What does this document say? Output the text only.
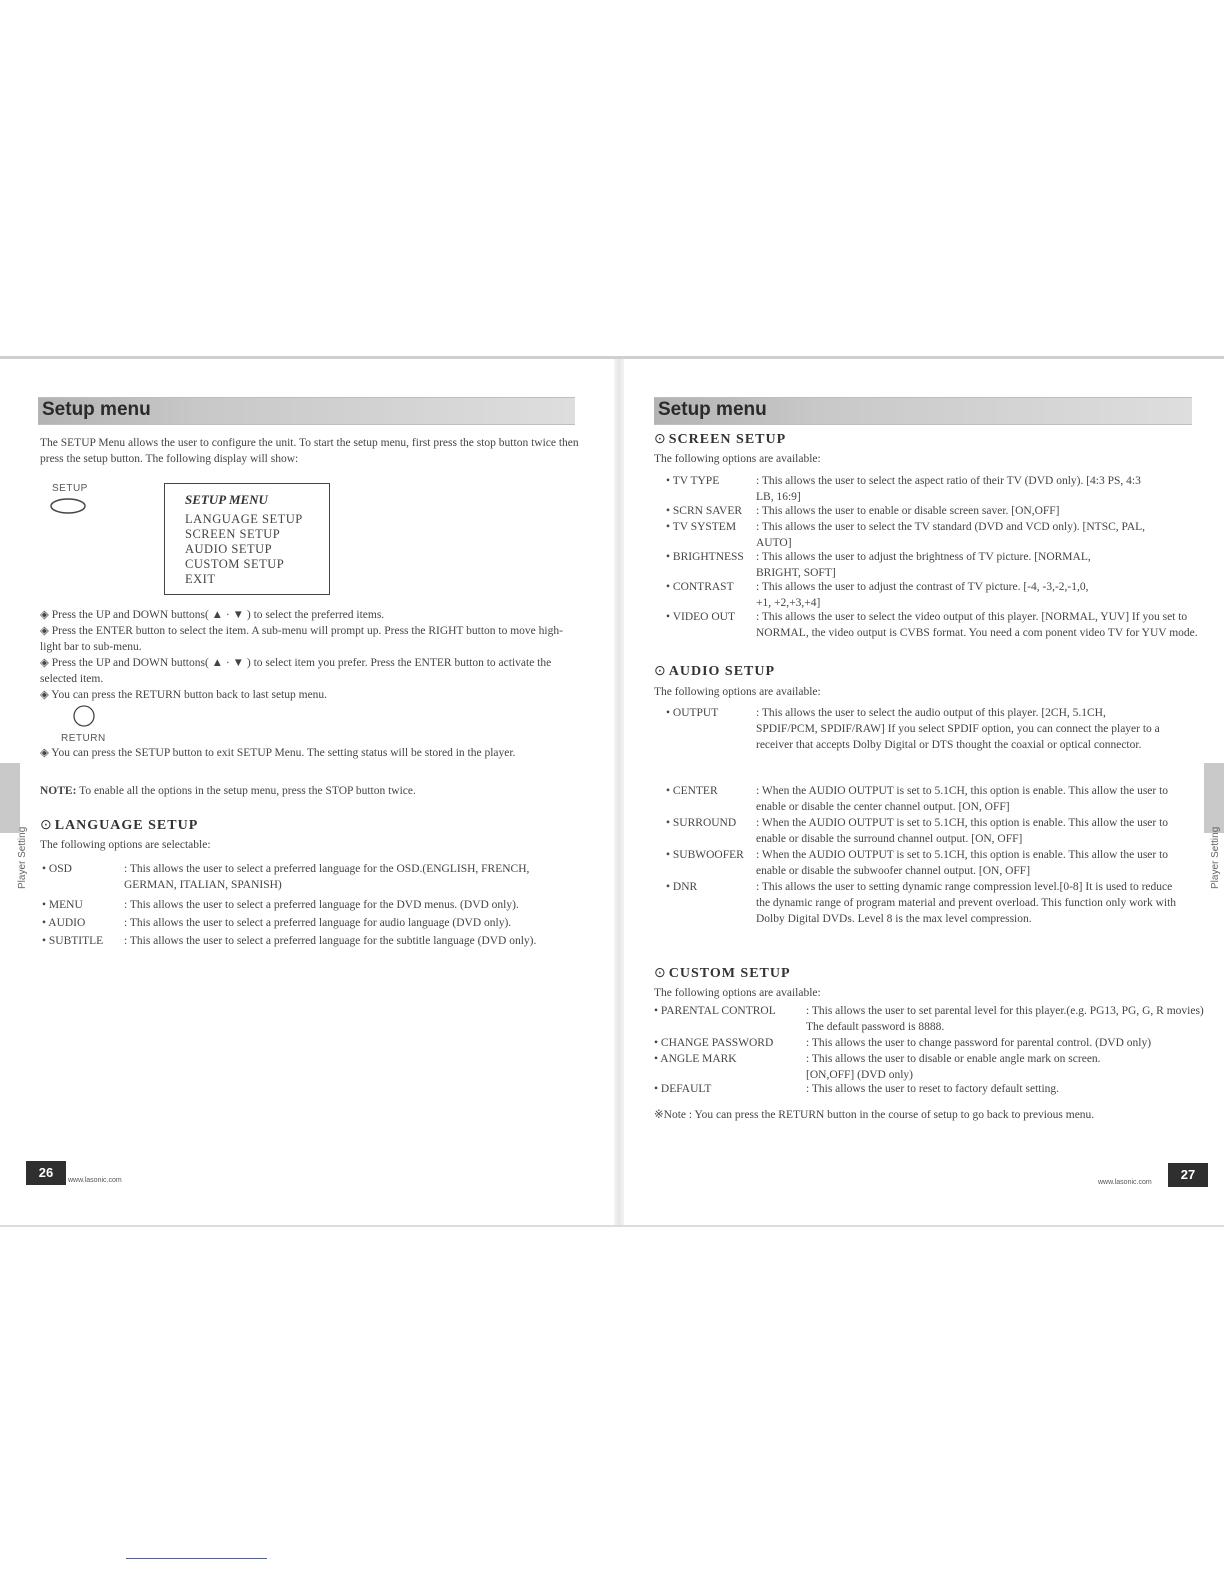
Setup menu
The SETUP Menu allows the user to configure the unit. To start the setup menu, first press the stop button twice then press the setup button. The following display will show:
SETUP
SETUP MENU
LANGUAGE SETUP
SCREEN SETUP
AUDIO SETUP
CUSTOM SETUP
EXIT
◈ Press the UP and DOWN buttons( ▲ · ▼ ) to select the preferred items.
◈ Press the ENTER button to select the item. A sub-menu will prompt up. Press the RIGHT button to move high-light bar to sub-menu.
◈ Press the UP and DOWN buttons( ▲ · ▼ ) to select item you prefer. Press the ENTER button to activate the selected item.
◈ You can press the RETURN button back to last setup menu.
RETURN
◈ You can press the SETUP button to exit SETUP Menu. The setting status will be stored in the player.
NOTE: To enable all the options in the setup menu, press the STOP button twice.
Player Setting
⊙ LANGUAGE SETUP
The following options are selectable:
• OSD	: This allows the user to select a preferred language for the OSD.(ENGLISH, FRENCH, GERMAN, ITALIAN, SPANISH)
• MENU	: This allows the user to select a preferred language for the DVD menus. (DVD only).
• AUDIO	: This allows the user to select a preferred language for audio language (DVD only).
• SUBTITLE : This allows the user to select a preferred language for the subtitle language (DVD only).
26
www.lasonic.com
Setup menu
⊙ SCREEN SETUP
The following options are available:
• TV TYPE	: This allows the user to select the aspect ratio of their TV (DVD only). [4:3 PS, 4:3 LB, 16:9]
• SCRN SAVER : This allows the user to enable or disable screen saver. [ON,OFF]
• TV SYSTEM : This allows the user to select the TV standard (DVD and VCD only). [NTSC, PAL, AUTO]
• BRIGHTNESS : This allows the user to adjust the brightness of TV picture. [NORMAL, BRIGHT, SOFT]
• CONTRAST : This allows the user to adjust the contrast of TV picture. [-4, -3,-2,-1,0, +1, +2,+3,+4]
• VIDEO OUT : This allows the user to select the video output of this player. [NORMAL, YUV] If you set to NORMAL, the video output is CVBS format. You need a com ponent video TV for YUV mode.
⊙ AUDIO SETUP
The following options are available:
• OUTPUT	: This allows the user to select the audio output of this player. [2CH, 5.1CH, SPDIF/PCM, SPDIF/RAW] If you select SPDIF option, you can connect the player to a receiver that accepts Dolby Digital or DTS thought the coaxial or optical connector.
• CENTER	: When the AUDIO OUTPUT is set to 5.1CH, this option is enable. This allow the user to enable or disable the center channel output. [ON, OFF]
• SURROUND : When the AUDIO OUTPUT is set to 5.1CH, this option is enable. This allow the user to enable or disable the surround channel output. [ON, OFF]
• SUBWOOFER : When the AUDIO OUTPUT is set to 5.1CH, this option is enable. This allow the user to enable or disable the subwoofer channel output. [ON, OFF]
• DNR	: This allows the user to setting dynamic range compression level.[0-8] It is used to reduce the dynamic range of program material and prevent overload. This function only work with Dolby Digital DVDs. Level 8 is the max level compression.
⊙ CUSTOM SETUP
The following options are available:
• PARENTAL CONTROL	: This allows the user to set parental level for this player.(e.g. PG13, PG, G, R movies) The default password is 8888.
• CHANGE PASSWORD	: This allows the user to change password for parental control. (DVD only)
• ANGLE MARK	: This allows the user to disable or enable angle mark on screen. [ON,OFF] (DVD only)
• DEFAULT	: This allows the user to reset to factory default setting.
※Note : You can press the RETURN button in the course of setup to go back to previous menu.
Player Setting
www.lasonic.com
27
